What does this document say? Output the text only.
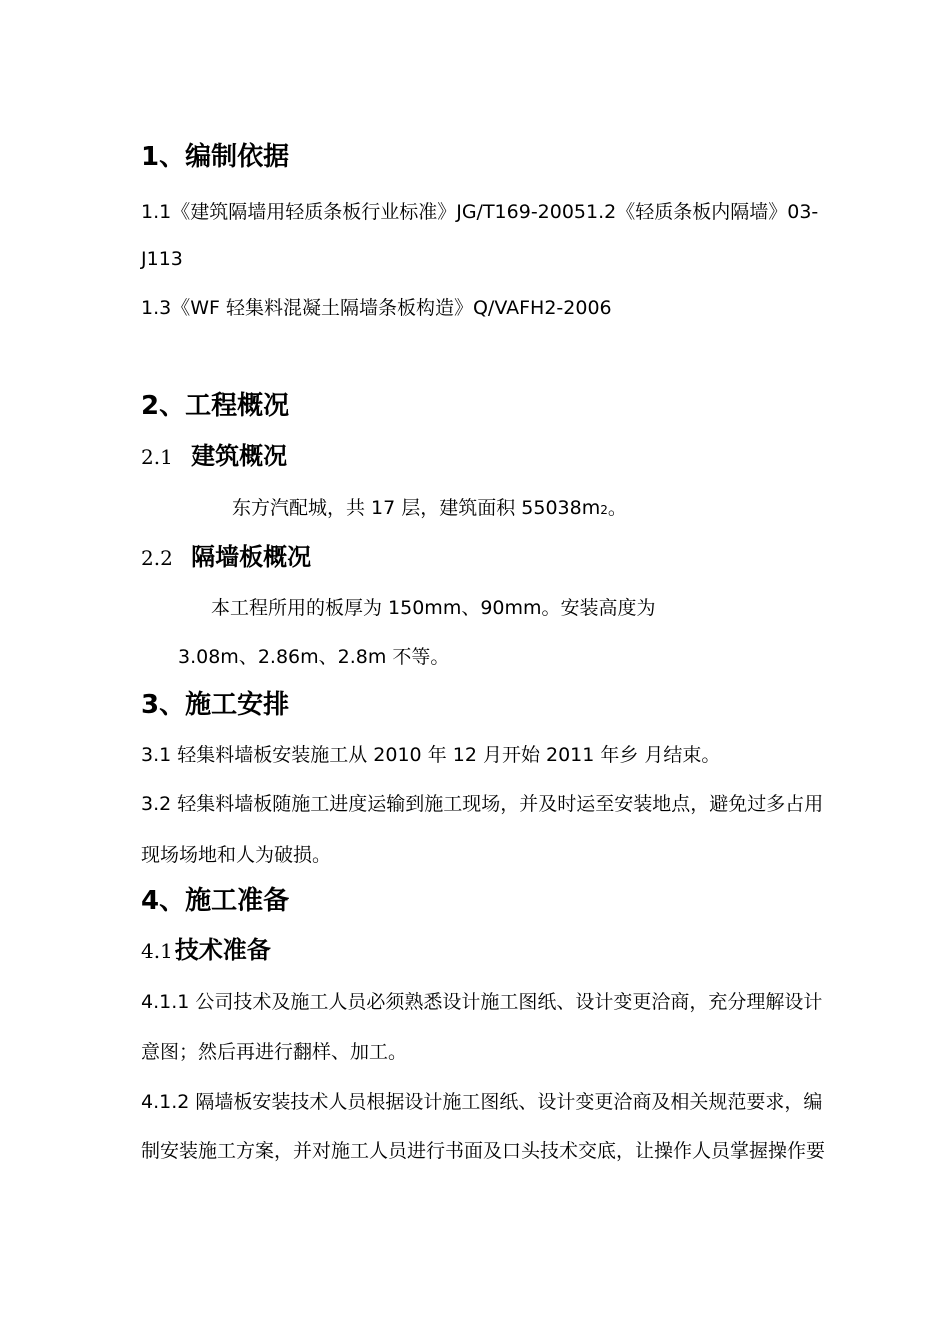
1、编制依据
1.1《建筑隔墙用轻质条板行业标准》JG/T169-20051.2《轻质条板内隔墙》03-
J113
1.3《WF 轻集料混凝土隔墙条板构造》Q/VAFH2-2006
2、工程概况
2.1 建筑概况
东方汽配城，共 17 层，建筑面积 55038m2。
2.2 隔墙板概况
本工程所用的板厚为 150mm、90mm。安装高度为
3.08m、2.86m、2.8m 不等。
3、施工安排
3.1 轻集料墙板安装施工从 2010 年 12 月开始 2011 年乡 月结束。
3.2 轻集料墙板随施工进度运输到施工现场，并及时运至安装地点，避免过多占用
现场场地和人为破损。
4、施工准备
4.1技术准备
4.1.1 公司技术及施工人员必须熟悉设计施工图纸、设计变更洽商，充分理解设计
意图；然后再进行翻样、加工。
4.1.2 隔墙板安装技术人员根据设计施工图纸、设计变更洽商及相关规范要求，编
制安装施工方案，并对施工人员进行书面及口头技术交底，让操作人员掌握操作要
